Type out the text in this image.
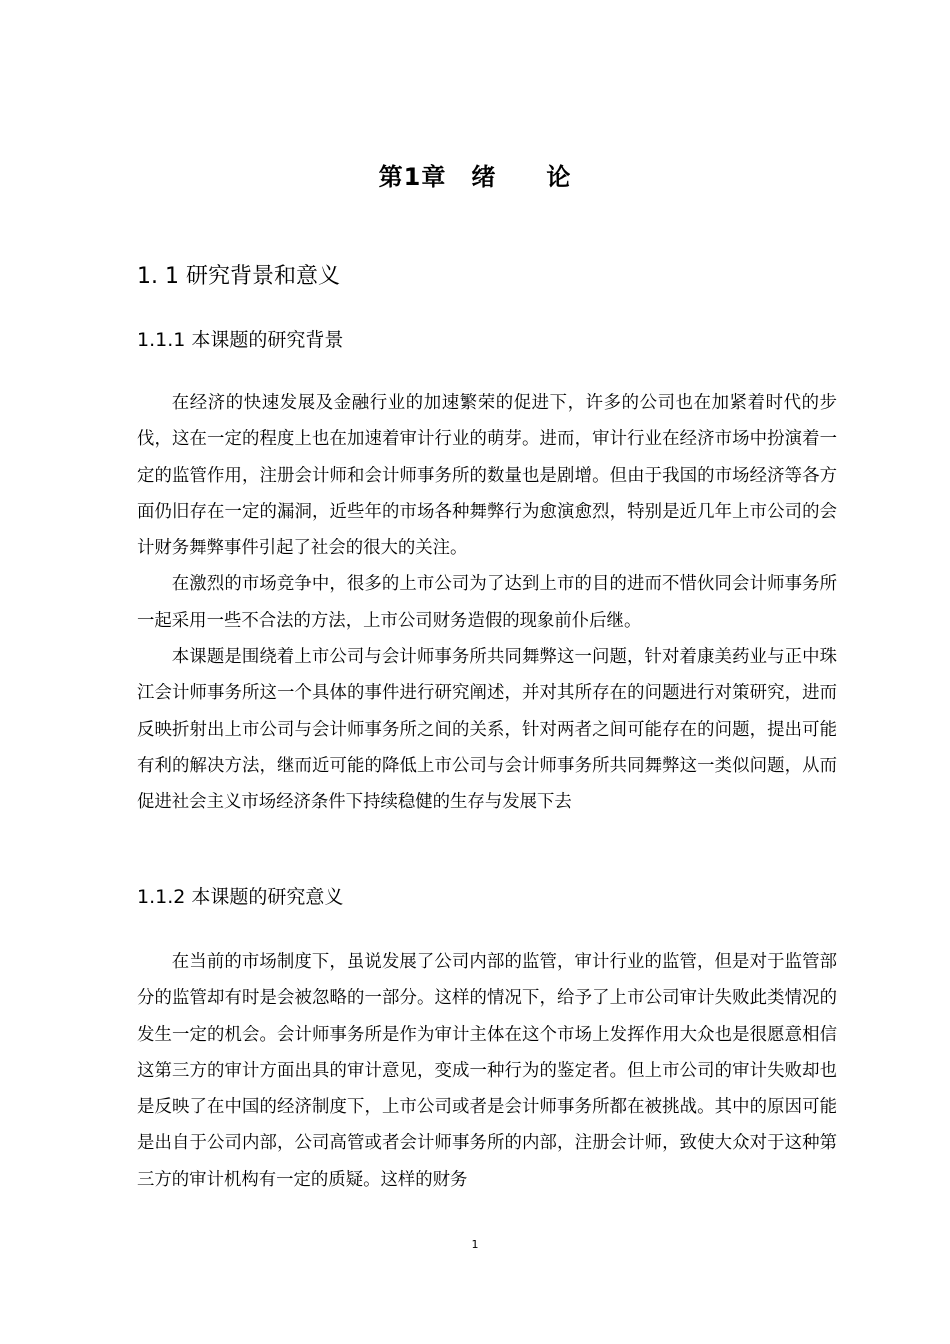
第1章　绪　　论
1. 1 研究背景和意义
1.1.1 本课题的研究背景

在经济的快速发展及金融行业的加速繁荣的促进下，许多的公司也在加紧着时代的步伐，这在一定的程度上也在加速着审计行业的萌芽。进而，审计行业在经济市场中扮演着一定的监管作用，注册会计师和会计师事务所的数量也是剧增。但由于我国的市场经济等各方面仍旧存在一定的漏洞，近些年的市场各种舞弊行为愈演愈烈，特别是近几年上市公司的会计财务舞弊事件引起了社会的很大的关注。

在激烈的市场竞争中，很多的上市公司为了达到上市的目的进而不惜伙同会计师事务所一起采用一些不合法的方法，上市公司财务造假的现象前仆后继。

本课题是围绕着上市公司与会计师事务所共同舞弊这一问题，针对着康美药业与正中珠江会计师事务所这一个具体的事件进行研究阐述，并对其所存在的问题进行对策研究，进而反映折射出上市公司与会计师事务所之间的关系，针对两者之间可能存在的问题，提出可能有利的解决方法，继而近可能的降低上市公司与会计师事务所共同舞弊这一类似问题，从而促进社会主义市场经济条件下持续稳健的生存与发展下去

1.1.2 本课题的研究意义

在当前的市场制度下，虽说发展了公司内部的监管，审计行业的监管，但是对于监管部分的监管却有时是会被忽略的一部分。这样的情况下，给予了上市公司审计失败此类情况的发生一定的机会。会计师事务所是作为审计主体在这个市场上发挥作用大众也是很愿意相信这第三方的审计方面出具的审计意见，变成一种行为的鉴定者。但上市公司的审计失败却也是反映了在中国的经济制度下，上市公司或者是会计师事务所都在被挑战。其中的原因可能是出自于公司内部，公司高管或者会计师事务所的内部，注册会计师，致使大众对于这种第三方的审计机构有一定的质疑。这样的财务

1
